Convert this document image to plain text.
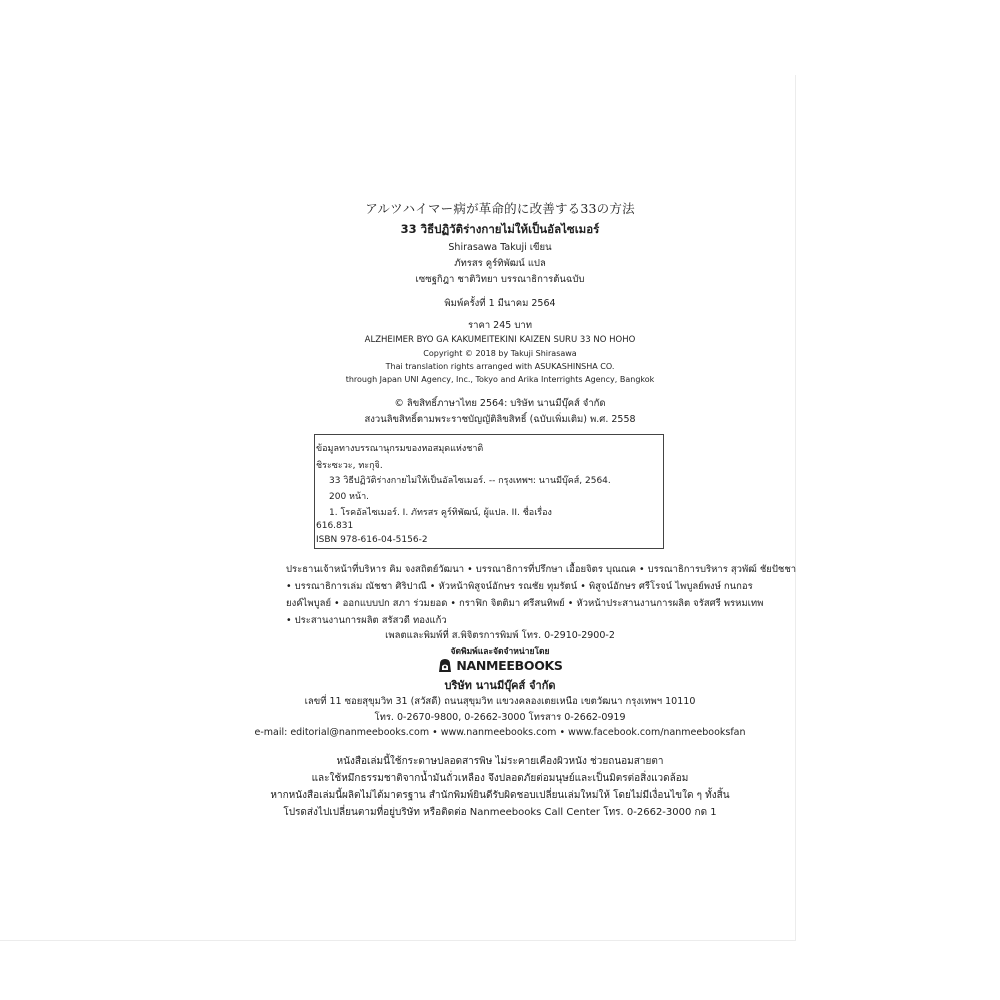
アルツハイマー病が革命的に改善する33の方法
33 วิธีปฏิวัติร่างกายไม่ให้เป็นอัลไซเมอร์
Shirasawa Takuji เขียน
ภัทรสร คูร์ทิพัฒน์ แปล
เซซฐกิฎา ชาติวิทยา บรรณาธิการต้นฉบับ
พิมพ์ครั้งที่ 1 มีนาคม 2564
ราคา 245 บาท
ALZHEIMER BYO GA KAKUMEITEKINI KAIZEN SURU 33 NO HOHO
Copyright © 2018 by Takuji Shirasawa
Thai translation rights arranged with ASUKASHINSHA CO.
through Japan UNI Agency, Inc., Tokyo and Arika Interrights Agency, Bangkok
© ลิขสิทธิ์ภาษาไทย 2564: บริษัท นานมีบุ๊คส์ จำกัด
สงวนลิขสิทธิ์ตามพระราชบัญญัติลิขสิทธิ์ (ฉบับเพิ่มเติม) พ.ศ. 2558
ข้อมูลทางบรรณานุกรมของหอสมุดแห่งชาติ
ชิระซะวะ, ทะกุจิ.
33 วิธีปฏิวัติร่างกายไม่ให้เป็นอัลไซเมอร์. -- กรุงเทพฯ: นานมีบุ๊คส์, 2564.
200 หน้า.
1. โรคอัลไซเมอร์. I. ภัทรสร คูร์ทิพัฒน์, ผู้แปล. II. ชื่อเรื่อง
616.831
ISBN 978-616-04-5156-2
ประธานเจ้าหน้าที่บริหาร คิม จงสถิตย์วัฒนา • บรรณาธิการที่ปรึกษา เอื้อยจิตร บุณณค • บรรณาธิการบริหาร สุวพัฒ์ ชัยปัชชา
• บรรณาธิการเล่ม ณัชชา ศิริปาณี • หัวหน้าพิสูจน์อักษร รณชัย ทุมรัตน์ • พิสูจน์อักษร ศรีโรจน์ ไพบูลย์พงษ์ กนกอร
ยงค์ไพบูลย์ • ออกแบบปก สภา ร่วมยอด • กราฟิก จิตติมา ศรีสนทิพย์ • หัวหน้าประสานงานการผลิต จรัสศรี พรหมเทพ
• ประสานงานการผลิต สรัสวดี ทองแก้ว
เพลตและพิมพ์ที่ ส.พิจิตรการพิมพ์ โทร. 0-2910-2900-2
จัดพิมพ์และจัดจำหน่ายโดย
NANMEEBOOKS
บริษัท นานมีบุ๊คส์ จำกัด
เลขที่ 11 ซอยสุขุมวิท 31 (สวัสดี) ถนนสุขุมวิท แขวงคลองเตยเหนือ เขตวัฒนา กรุงเทพฯ 10110
โทร. 0-2670-9800, 0-2662-3000 โทรสาร 0-2662-0919
e-mail: editorial@nanmeebooks.com • www.nanmeebooks.com • www.facebook.com/nanmeebooksfan
หนังสือเล่มนี้ใช้กระดาษปลอดสารพิษ ไม่ระคายเคืองผิวหนัง ช่วยถนอมสายตา
และใช้หมึกธรรมชาติจากน้ำมันถั่วเหลือง จึงปลอดภัยต่อมนุษย์และเป็นมิตรต่อสิ่งแวดล้อม
หากหนังสือเล่มนี้ผลิตไม่ได้มาตรฐาน สำนักพิมพ์ยินดีรับผิดชอบเปลี่ยนเล่มใหม่ให้ โดยไม่มีเงื่อนไขใด ๆ ทั้งสิ้น
โปรดส่งไปเปลี่ยนตามที่อยู่บริษัท หรือติดต่อ Nanmeebooks Call Center โทร. 0-2662-3000 กด 1
